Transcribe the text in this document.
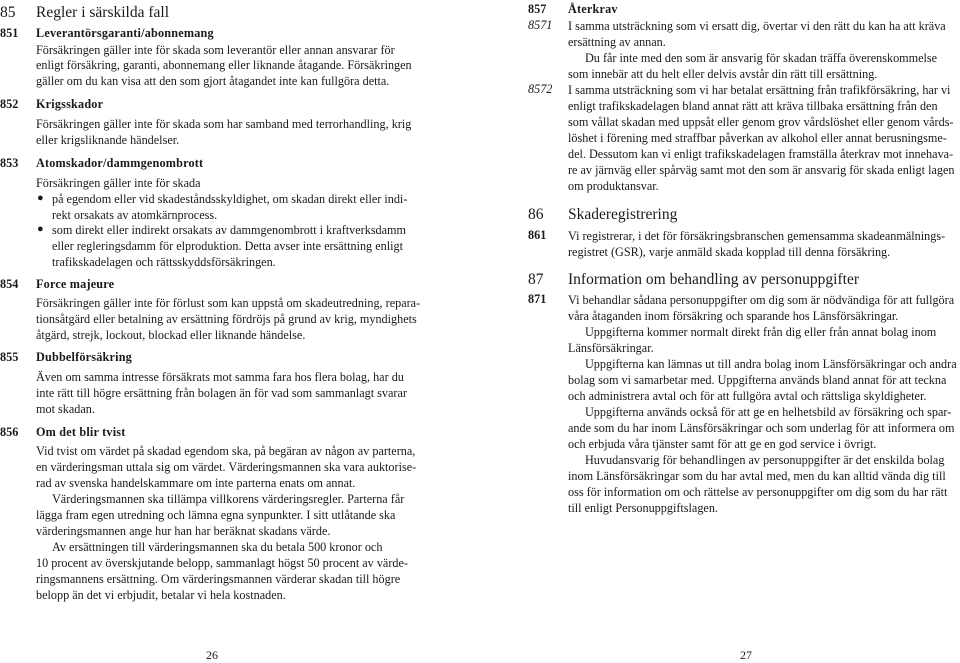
85 Regler i särskilda fall
851 Leverantörsgaranti/abonnemang
Försäkringen gäller inte för skada som leverantör eller annan ansvarar för
enligt försäkring, garanti, abonnemang eller liknande åtagande. Försäkringen
gäller om du kan visa att den som gjort åtagandet inte kan fullgöra detta.
852 Krigsskador
Försäkringen gäller inte för skada som har samband med terrorhandling, krig
eller krigsliknande händelser.
853 Atomskador/dammgenombrott
Försäkringen gäller inte för skada
● på egendom eller vid skadeståndsskyldighet, om skadan direkt eller indi-
rekt orsakats av atomkärnprocess.
● som direkt eller indirekt orsakats av dammgenombrott i kraftverksdamm
eller regleringsdamm för elproduktion. Detta avser inte ersättning enligt
trafikskadelagen och rättsskyddsförsäkringen.
854 Force majeure
Försäkringen gäller inte för förlust som kan uppstå om skadeutredning, repara-
tionsåtgärd eller betalning av ersättning fördröjs på grund av krig, myndighets
åtgärd, strejk, lockout, blockad eller liknande händelse.
855 Dubbelförsäkring
Även om samma intresse försäkrats mot samma fara hos flera bolag, har du
inte rätt till högre ersättning från bolagen än för vad som sammanlagt svarar
mot skadan.
856 Om det blir tvist
Vid tvist om värdet på skadad egendom ska, på begäran av någon av parterna,
en värderingsman uttala sig om värdet. Värderingsmannen ska vara auktorise-
rad av svenska handelskammare om inte parterna enats om annat.
Värderingsmannen ska tillämpa villkorens värderingsregler. Parterna får
lägga fram egen utredning och lämna egna synpunkter. I sitt utlåtande ska
värderingsmannen ange hur han har beräknat skadans värde.
Av ersättningen till värderingsmannen ska du betala 500 kronor och
10 procent av överskjutande belopp, sammanlagt högst 50 procent av värde-
ringsmannens ersättning. Om värderingsmannen värderar skadan till högre
belopp än det vi erbjudit, betalar vi hela kostnaden.
26
857 Återkrav
8571 I samma utsträckning som vi ersatt dig, övertar vi den rätt du kan ha att kräva
ersättning av annan.
Du får inte med den som är ansvarig för skadan träffa överenskommelse
som innebär att du helt eller delvis avstår din rätt till ersättning.
8572 I samma utsträckning som vi har betalat ersättning från trafikförsäkring, har vi
enligt trafikskadelagen bland annat rätt att kräva tillbaka ersättning från den
som vållat skadan med uppsåt eller genom grov vårdslöshet eller genom vårds-
löshet i förening med straffbar påverkan av alkohol eller annat berusningsme-
del. Dessutom kan vi enligt trafikskadelagen framställa återkrav mot innehava-
re av järnväg eller spårväg samt mot den som är ansvarig för skada enligt lagen
om produktansvar.
86 Skaderegistrering
861 Vi registrerar, i det för försäkringsbranschen gemensamma skadeanmälnings-
registret (GSR), varje anmäld skada kopplad till denna försäkring.
87 Information om behandling av personuppgifter
871 Vi behandlar sådana personuppgifter om dig som är nödvändiga för att fullgöra
våra åtaganden inom försäkring och sparande hos Länsförsäkringar.
Uppgifterna kommer normalt direkt från dig eller från annat bolag inom
Länsförsäkringar.
Uppgifterna kan lämnas ut till andra bolag inom Länsförsäkringar och andra
bolag som vi samarbetar med. Uppgifterna används bland annat för att teckna
och administrera avtal och för att fullgöra avtal och rättsliga skyldigheter.
Uppgifterna används också för att ge en helhetsbild av försäkring och spar-
ande som du har inom Länsförsäkringar och som underlag för att informera om
och erbjuda våra tjänster samt för att ge en god service i övrigt.
Huvudansvarig för behandlingen av personuppgifter är det enskilda bolag
inom Länsförsäkringar som du har avtal med, men du kan alltid vända dig till
oss för information om och rättelse av personuppgifter om dig som du har rätt
till enligt Personuppgiftslagen.
27
